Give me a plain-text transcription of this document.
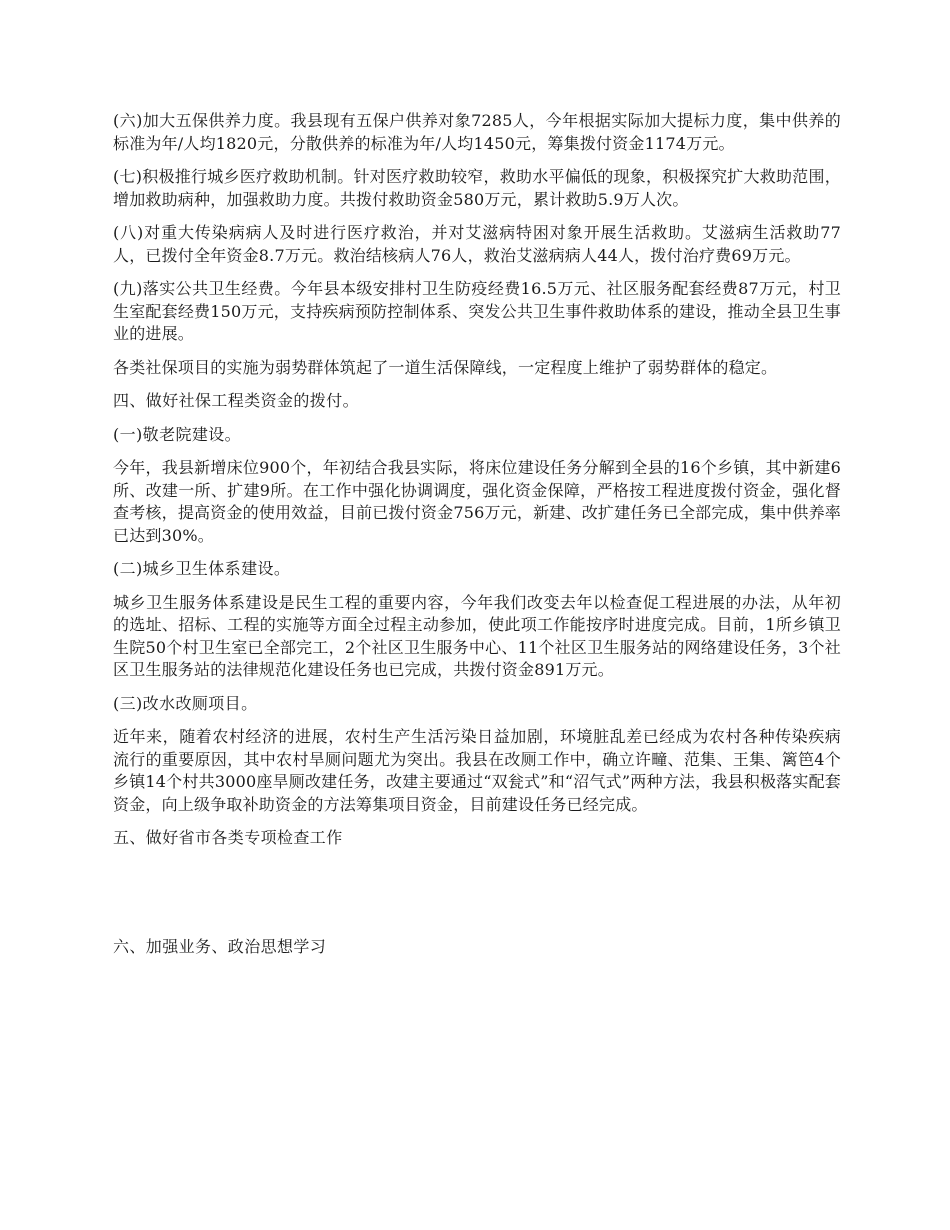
(六)加大五保供养力度。我县现有五保户供养对象7285人，今年根据实际加大提标力度，集中供养的标准为年/人均1820元，分散供养的标准为年/人均1450元，筹集拨付资金1174万元。

(七)积极推行城乡医疗救助机制。针对医疗救助较窄，救助水平偏低的现象，积极探究扩大救助范围，增加救助病种，加强救助力度。共拨付救助资金580万元，累计救助5.9万人次。

(八)对重大传染病病人及时进行医疗救治，并对艾滋病特困对象开展生活救助。艾滋病生活救助77人，已拨付全年资金8.7万元。救治结核病人76人，救治艾滋病病人44人，拨付治疗费69万元。

(九)落实公共卫生经费。今年县本级安排村卫生防疫经费16.5万元、社区服务配套经费87万元，村卫生室配套经费150万元，支持疾病预防控制体系、突发公共卫生事件救助体系的建设，推动全县卫生事业的进展。

各类社保项目的实施为弱势群体筑起了一道生活保障线，一定程度上维护了弱势群体的稳定。

四、做好社保工程类资金的拨付。

(一)敬老院建设。

今年，我县新增床位900个，年初结合我县实际，将床位建设任务分解到全县的16个乡镇，其中新建6所、改建一所、扩建9所。在工作中强化协调调度，强化资金保障，严格按工程进度拨付资金，强化督查考核，提高资金的使用效益，目前已拨付资金756万元，新建、改扩建任务已全部完成，集中供养率已达到30%。

(二)城乡卫生体系建设。

城乡卫生服务体系建设是民生工程的重要内容，今年我们改变去年以检查促工程进展的办法，从年初的选址、招标、工程的实施等方面全过程主动参加，使此项工作能按序时进度完成。目前，1所乡镇卫生院50个村卫生室已全部完工，2个社区卫生服务中心、11个社区卫生服务站的网络建设任务，3个社区卫生服务站的法律规范化建设任务也已完成，共拨付资金891万元。

(三)改水改厕项目。

近年来，随着农村经济的进展，农村生产生活污染日益加剧，环境脏乱差已经成为农村各种传染疾病流行的重要原因，其中农村旱厕问题尤为突出。我县在改厕工作中，确立许疃、范集、王集、篱笆4个乡镇14个村共3000座旱厕改建任务，改建主要通过“双瓮式”和“沼气式”两种方法，我县积极落实配套资金，向上级争取补助资金的方法筹集项目资金，目前建设任务已经完成。

五、做好省市各类专项检查工作

六、加强业务、政治思想学习
